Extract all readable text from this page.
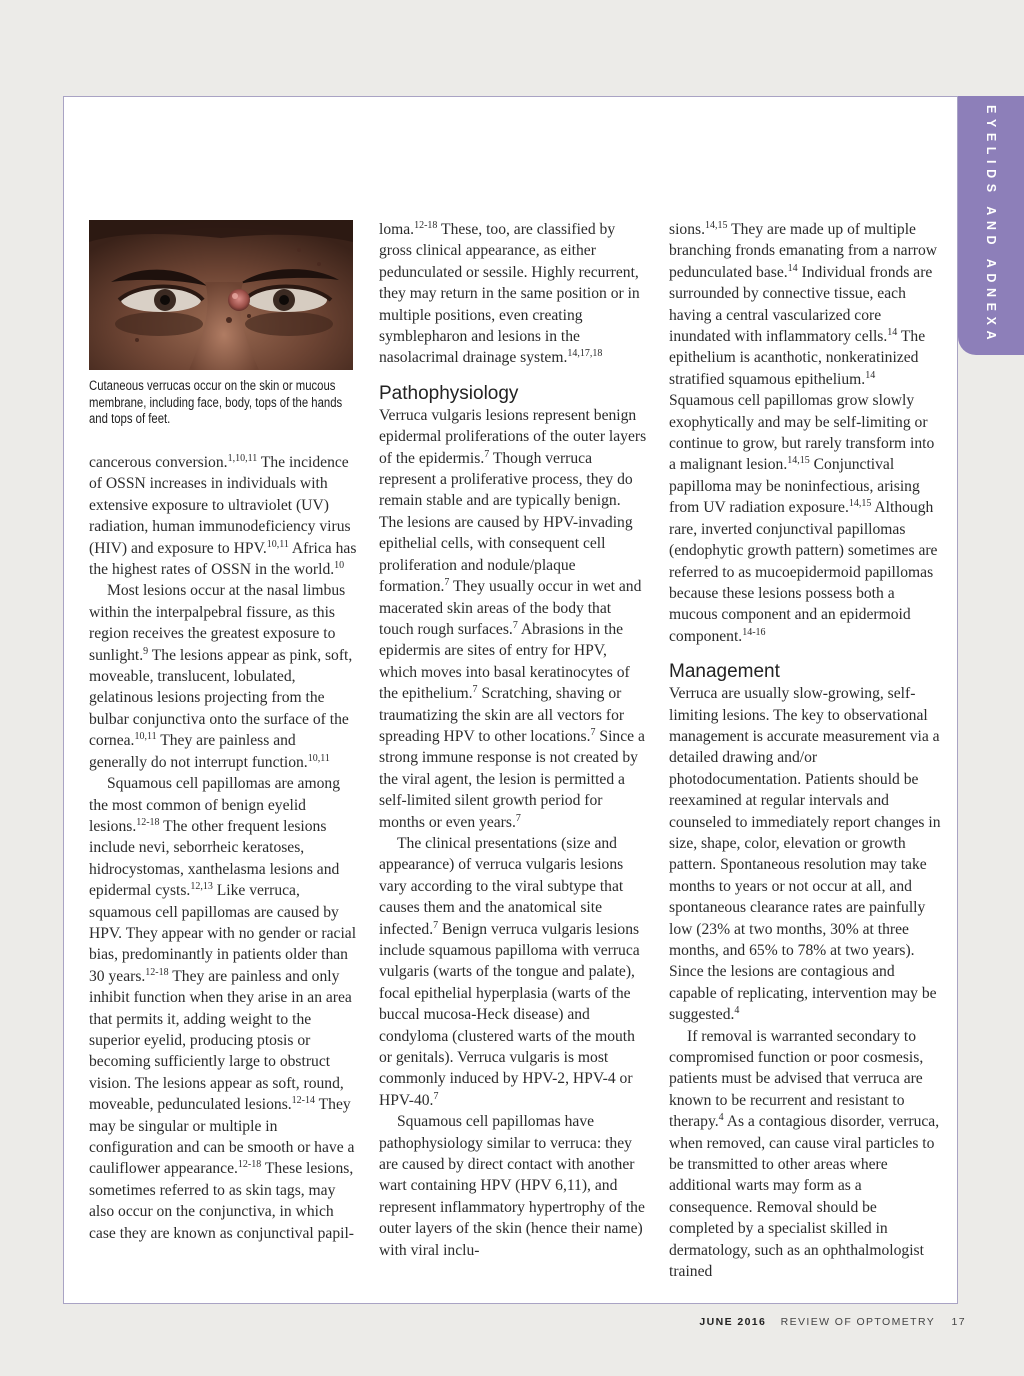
EYELIDS AND ADNEXA
Cutaneous verrucas occur on the skin or mucous membrane, including face, body, tops of the hands and tops of feet.

cancerous conversion.$^{1,10,11}$ The incidence of OSSN increases in individuals with extensive exposure to ultraviolet (UV) radiation, human immunodeficiency virus (HIV) and exposure to HPV.$^{10,11}$ Africa has the highest rates of OSSN in the world.$^{10}$

Most lesions occur at the nasal limbus within the interpalpebral fissure, as this region receives the greatest exposure to sunlight.$^9$ The lesions appear as pink, soft, moveable, translucent, lobulated, gelatinous lesions projecting from the bulbar conjunctiva onto the surface of the cornea.$^{10,11}$ They are painless and generally do not interrupt function.$^{10,11}$

Squamous cell papillomas are among the most common of benign eyelid lesions.$^{12-18}$ The other frequent lesions include nevi, seborrheic keratoses, hidrocystomas, xanthelasma lesions and epidermal cysts.$^{12,13}$ Like verruca, squamous cell papillomas are caused by HPV. They appear with no gender or racial bias, predominantly in patients older than 30 years.$^{12-18}$ They are painless and only inhibit function when they arise in an area that permits it, adding weight to the superior eyelid, producing ptosis or becoming sufficiently large to obstruct vision. The lesions appear as soft, round, moveable, pedunculated lesions.$^{12-14}$ They may be singular or multiple in configuration and can be smooth or have a cauliflower appearance.$^{12-18}$ These lesions, sometimes referred to as skin tags, may also occur on the conjunctiva, in which case they are known as conjunctival papil-

loma.$^{12-18}$ These, too, are classified by gross clinical appearance, as either pedunculated or sessile. Highly recurrent, they may return in the same position or in multiple positions, even creating symblepharon and lesions in the nasolacrimal drainage system.$^{14,17,18}$

Pathophysiology

Verruca vulgaris lesions represent benign epidermal proliferations of the outer layers of the epidermis.$^7$ Though verruca represent a proliferative process, they do remain stable and are typically benign. The lesions are caused by HPV-invading epithelial cells, with consequent cell proliferation and nodule/plaque formation.$^7$ They usually occur in wet and macerated skin areas of the body that touch rough surfaces.$^7$ Abrasions in the epidermis are sites of entry for HPV, which moves into basal keratinocytes of the epithelium.$^7$ Scratching, shaving or traumatizing the skin are all vectors for spreading HPV to other locations.$^7$ Since a strong immune response is not created by the viral agent, the lesion is permitted a self-limited silent growth period for months or even years.$^7$

The clinical presentations (size and appearance) of verruca vulgaris lesions vary according to the viral subtype that causes them and the anatomical site infected.$^7$ Benign verruca vulgaris lesions include squamous papilloma with verruca vulgaris (warts of the tongue and palate), focal epithelial hyperplasia (warts of the buccal mucosa-Heck disease) and condyloma (clustered warts of the mouth or genitals). Verruca vulgaris is most commonly induced by HPV-2, HPV-4 or HPV-40.$^7$

Squamous cell papillomas have pathophysiology similar to verruca: they are caused by direct contact with another wart containing HPV (HPV 6,11), and represent inflammatory hypertrophy of the outer layers of the skin (hence their name) with viral inclu-

sions.$^{14,15}$ They are made up of multiple branching fronds emanating from a narrow pedunculated base.$^{14}$ Individual fronds are surrounded by connective tissue, each having a central vascularized core inundated with inflammatory cells.$^{14}$ The epithelium is acanthotic, nonkeratinized stratified squamous epithelium.$^{14}$ Squamous cell papillomas grow slowly exophytically and may be self-limiting or continue to grow, but rarely transform into a malignant lesion.$^{14,15}$ Conjunctival papilloma may be noninfectious, arising from UV radiation exposure.$^{14,15}$ Although rare, inverted conjunctival papillomas (endophytic growth pattern) sometimes are referred to as mucoepidermoid papillomas because these lesions possess both a mucous component and an epidermoid component.$^{14-16}$

Management

Verruca are usually slow-growing, self-limiting lesions. The key to observational management is accurate measurement via a detailed drawing and/or photodocumentation. Patients should be reexamined at regular intervals and counseled to immediately report changes in size, shape, color, elevation or growth pattern. Spontaneous resolution may take months to years or not occur at all, and spontaneous clearance rates are painfully low (23% at two months, 30% at three months, and 65% to 78% at two years). Since the lesions are contagious and capable of replicating, intervention may be suggested.$^4$

If removal is warranted secondary to compromised function or poor cosmesis, patients must be advised that verruca are known to be recurrent and resistant to therapy.$^4$ As a contagious disorder, verruca, when removed, can cause viral particles to be transmitted to other areas where additional warts may form as a consequence. Removal should be completed by a specialist skilled in dermatology, such as an ophthalmologist trained

JUNE 2016 REVIEW OF OPTOMETRY 17
